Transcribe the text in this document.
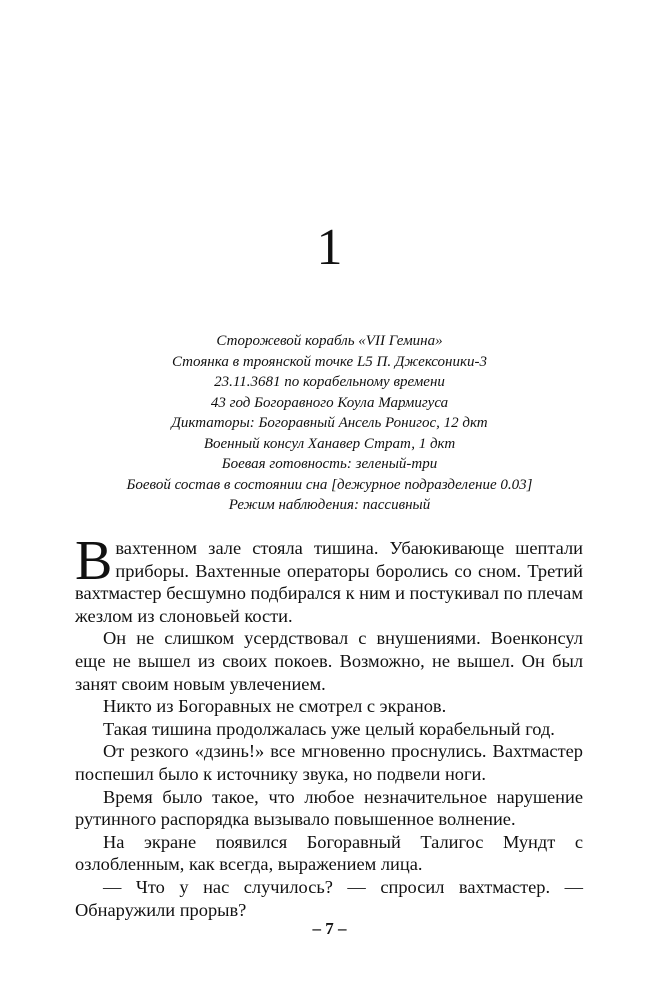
1
Сторожевой корабль «VII Гемина»
Стоянка в троянской точке L5 П. Джексоники-3
23.11.3681 по корабельному времени
43 год Богоравного Коула Мармигуса
Диктаторы: Богоравный Ансель Ронигос, 12 дкт
Военный консул Ханавер Страт, 1 дкт
Боевая готовность: зеленый-три
Боевой состав в состоянии сна [дежурное подразделение 0.03]
Режим наблюдения: пассивный

Ввахтенном зале стояла тишина. Убаюкивающе шептали приборы. Вахтенные операторы боролись со сном. Третий вахтмастер бесшумно подбирался к ним и постукивал по плечам жезлом из слоновьей кости.

Он не слишком усердствовал с внушениями. Военконсул еще не вышел из своих покоев. Возможно, не вышел. Он был занят своим новым увлечением.

Никто из Богоравных не смотрел с экранов.

Такая тишина продолжалась уже целый корабельный год.

От резкого «дзинь!» все мгновенно проснулись. Вахтмастер поспешил было к источнику звука, но подвели ноги.

Время было такое, что любое незначительное нарушение рутинного распорядка вызывало повышенное волнение.

На экране появился Богоравный Талигос Мундт с озлобленным, как всегда, выражением лица.

— Что у нас случилось? — спросил вахтмастер. — Обнаружили прорыв?

– 7 –
